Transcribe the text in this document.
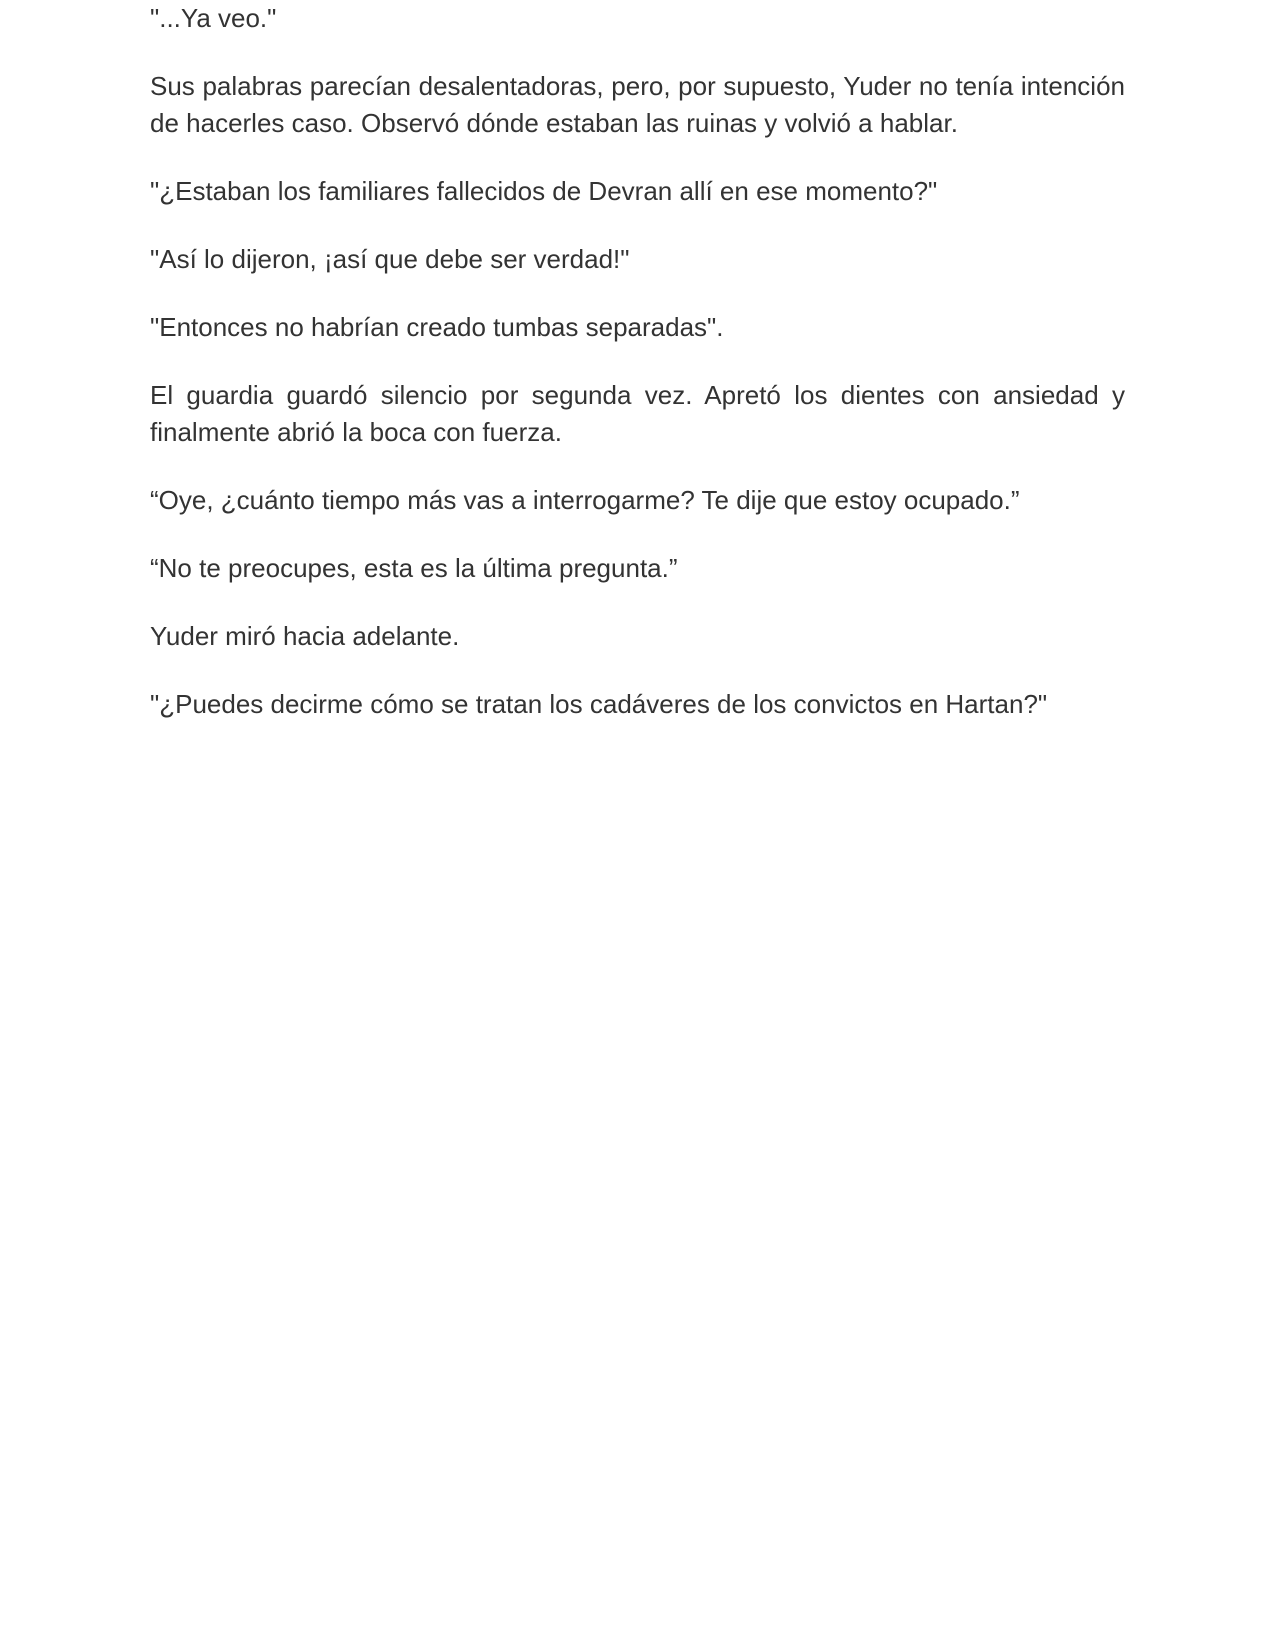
"...Ya veo."

Sus palabras parecían desalentadoras, pero, por supuesto, Yuder no tenía intención de hacerles caso. Observó dónde estaban las ruinas y volvió a hablar.

"¿Estaban los familiares fallecidos de Devran allí en ese momento?"

"Así lo dijeron, ¡así que debe ser verdad!"

"Entonces no habrían creado tumbas separadas".

El guardia guardó silencio por segunda vez. Apretó los dientes con ansiedad y finalmente abrió la boca con fuerza.

“Oye, ¿cuánto tiempo más vas a interrogarme? Te dije que estoy ocupado.”

“No te preocupes, esta es la última pregunta.”

Yuder miró hacia adelante.

"¿Puedes decirme cómo se tratan los cadáveres de los convictos en Hartan?"
